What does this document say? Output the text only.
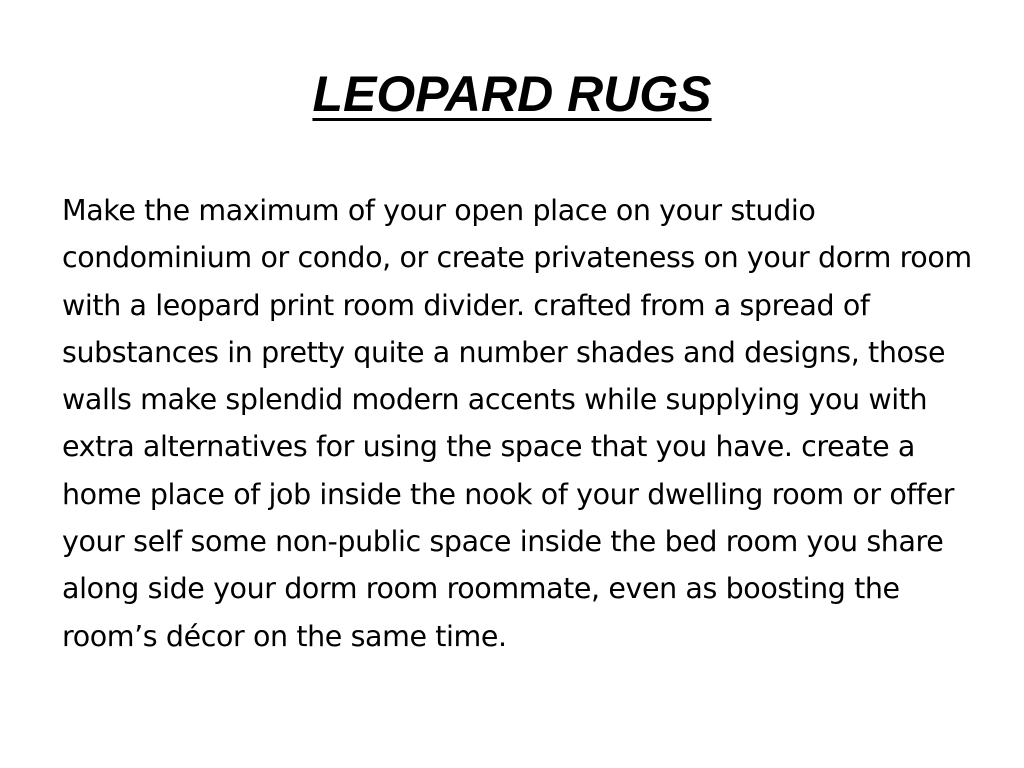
LEOPARD RUGS

Make the maximum of your open place on your studio condominium or condo, or create privateness on your dorm room with a leopard print room divider. crafted from a spread of substances in pretty quite a number shades and designs, those walls make splendid modern accents while supplying you with extra alternatives for using the space that you have. create a home place of job inside the nook of your dwelling room or offer your self some non-public space inside the bed room you share along side your dorm room roommate, even as boosting the room’s décor on the same time.
